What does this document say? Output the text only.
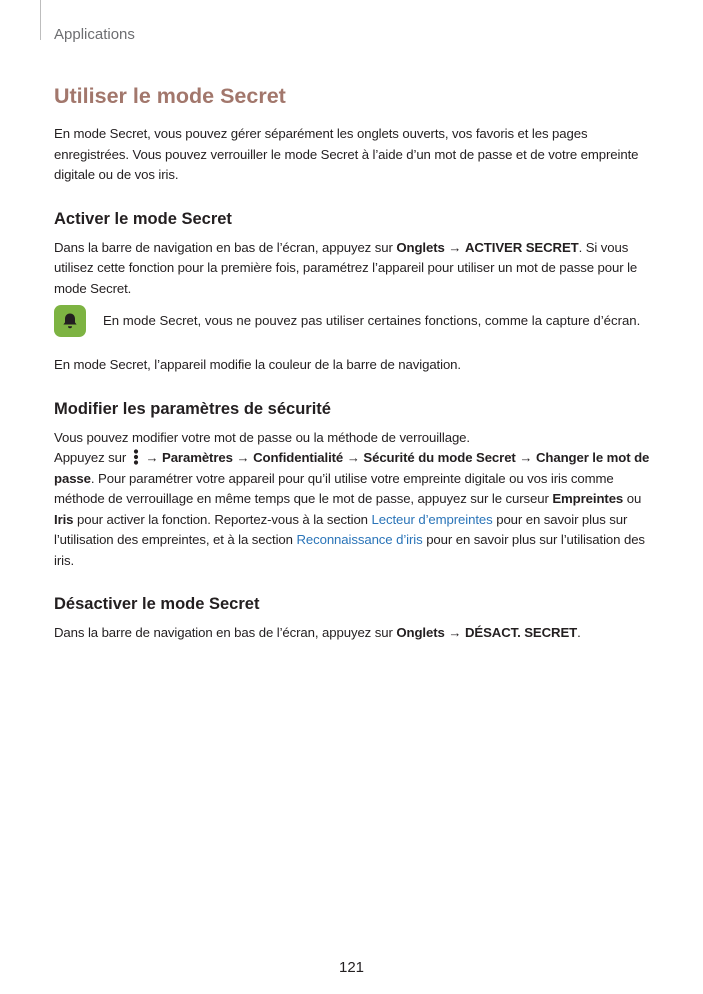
Applications
Utiliser le mode Secret

En mode Secret, vous pouvez gérer séparément les onglets ouverts, vos favoris et les pages enregistrées. Vous pouvez verrouiller le mode Secret à l’aide d’un mot de passe et de votre empreinte digitale ou de vos iris.

Activer le mode Secret

Dans la barre de navigation en bas de l’écran, appuyez sur Onglets → ACTIVER SECRET. Si vous utilisez cette fonction pour la première fois, paramétrez l’appareil pour utiliser un mot de passe pour le mode Secret.

En mode Secret, vous ne pouvez pas utiliser certaines fonctions, comme la capture d’écran.

En mode Secret, l’appareil modifie la couleur de la barre de navigation.

Modifier les paramètres de sécurité

Vous pouvez modifier votre mot de passe ou la méthode de verrouillage.

Appuyez sur  → Paramètres → Confidentialité → Sécurité du mode Secret → Changer le mot de passe. Pour paramétrer votre appareil pour qu’il utilise votre empreinte digitale ou vos iris comme méthode de verrouillage en même temps que le mot de passe, appuyez sur le curseur Empreintes ou Iris pour activer la fonction. Reportez-vous à la section Lecteur d’empreintes pour en savoir plus sur l’utilisation des empreintes, et à la section Reconnaissance d’iris pour en savoir plus sur l’utilisation des iris.

Désactiver le mode Secret

Dans la barre de navigation en bas de l’écran, appuyez sur Onglets → DÉSACT. SECRET.

121
